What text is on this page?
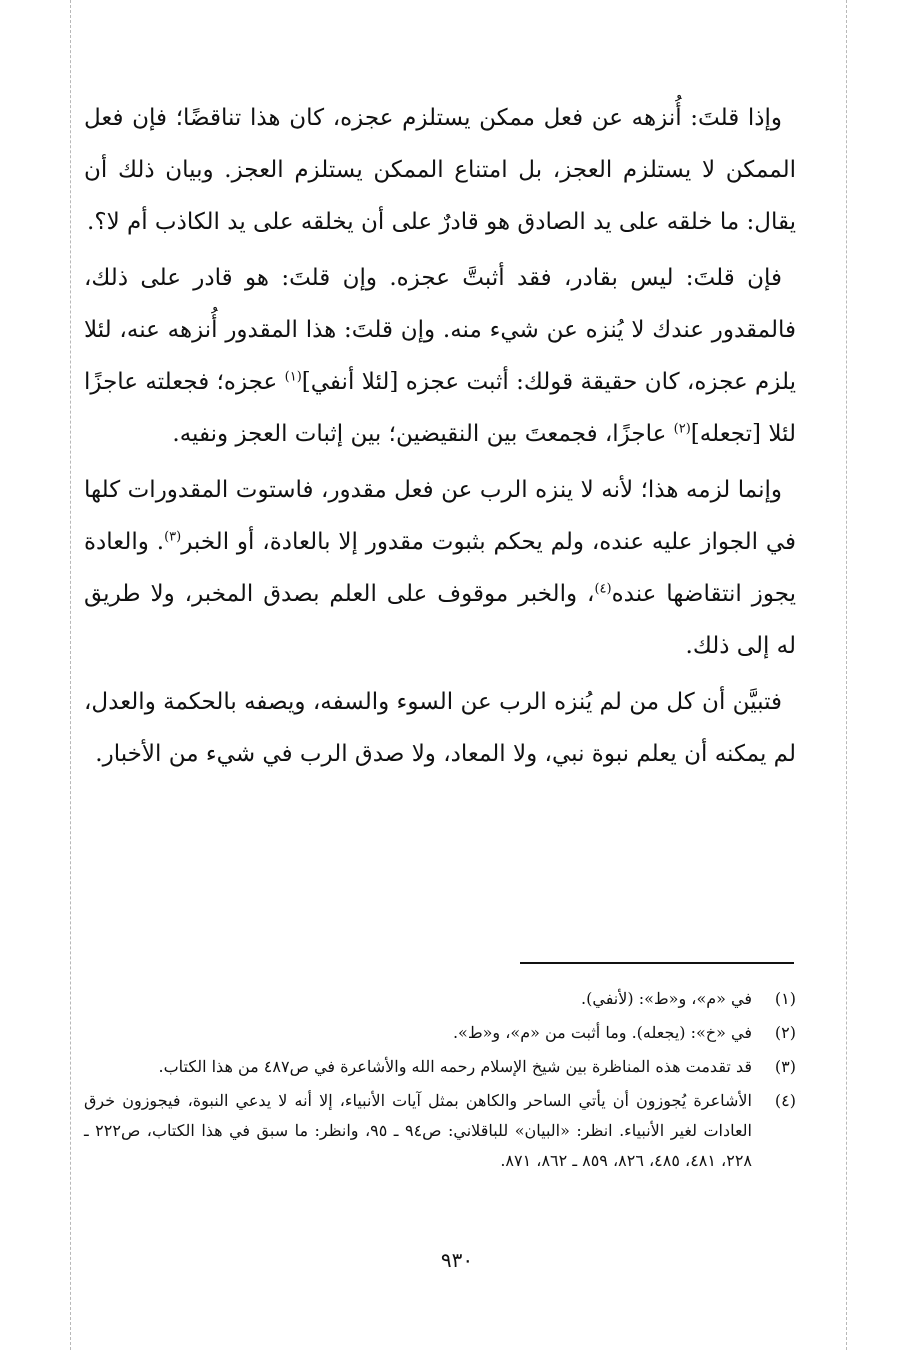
وإذا قلتَ: أُنزهه عن فعل ممكن يستلزم عجزه، كان هذا تناقضًا؛ فإن فعل الممكن لا يستلزم العجز، بل امتناع الممكن يستلزم العجز. وبيان ذلك أن يقال: ما خلقه على يد الصادق هو قادرٌ على أن يخلقه على يد الكاذب أم لا؟.

فإن قلتَ: ليس بقادر، فقد أثبتَّ عجزه. وإن قلتَ: هو قادر على ذلك، فالمقدور عندك لا يُنزه عن شيء منه. وإن قلتَ: هذا المقدور أُنزهه عنه، لئلا يلزم عجزه، كان حقيقة قولك: أثبت عجزه [لئلا أنفي]$^{(١)}$ عجزه؛ فجعلته عاجزًا لئلا [تجعله]$^{(٢)}$ عاجزًا، فجمعتَ بين النقيضين؛ بين إثبات العجز ونفيه.

وإنما لزمه هذا؛ لأنه لا ينزه الرب عن فعل مقدور، فاستوت المقدورات كلها في الجواز عليه عنده، ولم يحكم بثبوت مقدور إلا بالعادة، أو الخبر$^{(٣)}$. والعادة يجوز انتقاضها عنده$^{(٤)}$، والخبر موقوف على العلم بصدق المخبر، ولا طريق له إلى ذلك.

فتبيَّن أن كل من لم يُنزه الرب عن السوء والسفه، ويصفه بالحكمة والعدل، لم يمكنه أن يعلم نبوة نبي، ولا المعاد، ولا صدق الرب في شيء من الأخبار.

(١)
في «م»، و«ط»: (لأنفي).
(٢)
في «خ»: (يجعله). وما أثبت من «م»، و«ط».
(٣)
قد تقدمت هذه المناظرة بين شيخ الإسلام رحمه الله والأشاعرة في ص٤٨٧ من هذا الكتاب.
(٤)
الأشاعرة يُجوزون أن يأتي الساحر والكاهن بمثل آيات الأنبياء، إلا أنه لا يدعي النبوة، فيجوزون خرق العادات لغير الأنبياء. انظر: «البيان» للباقلاني: ص٩٤ ـ ٩٥، وانظر: ما سبق في هذا الكتاب، ص٢٢٢ ـ ٢٢٨، ٤٨١، ٤٨٥، ٨٢٦، ٨٥٩ ـ ٨٦٢، ٨٧١.
٩٣٠
